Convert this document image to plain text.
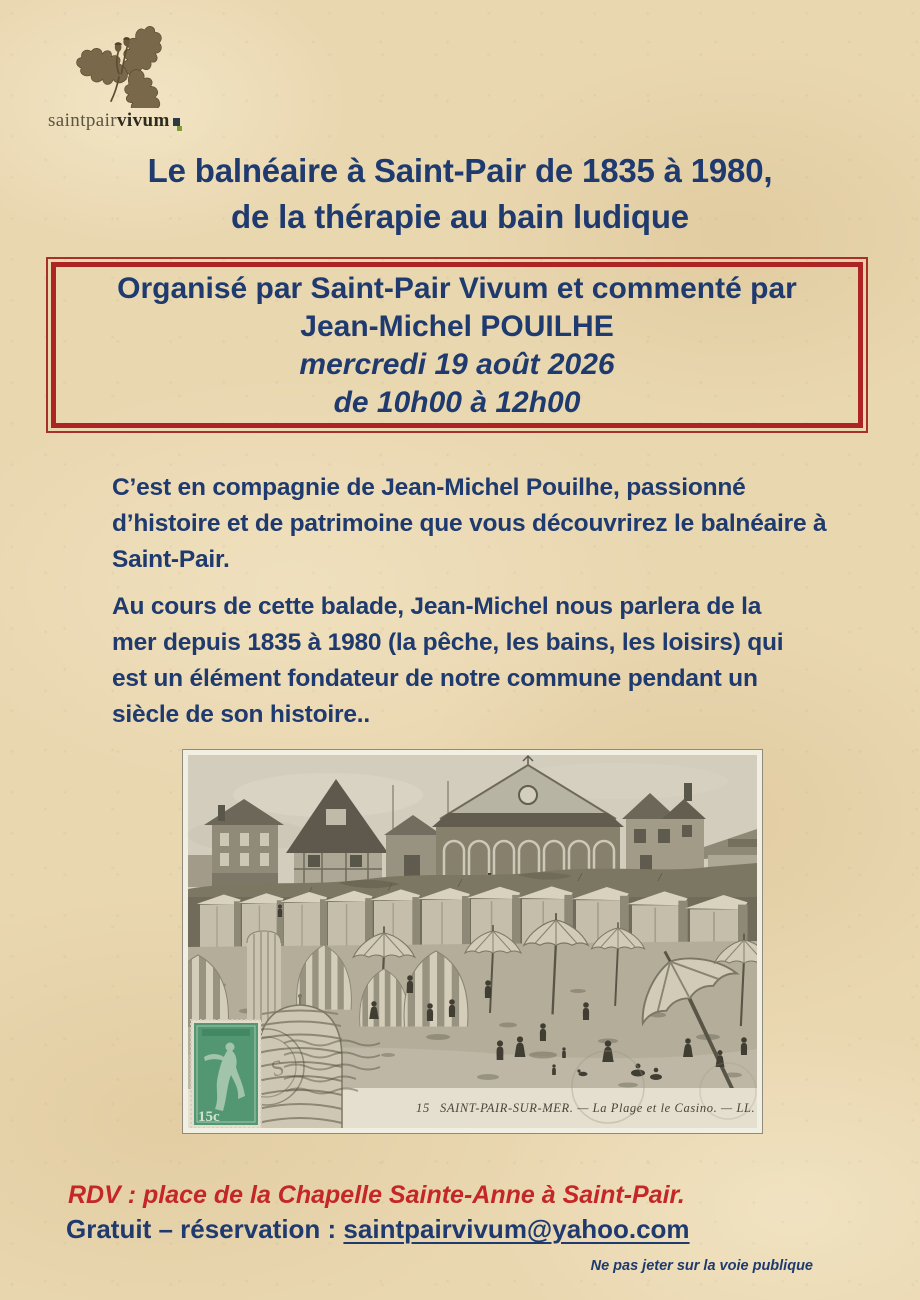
saintpairvivum
Le balnéaire à Saint-Pair de 1835 à 1980,
de la thérapie au bain ludique
Organisé par Saint-Pair Vivum et commenté par
Jean-Michel POUILHE
mercredi 19 août 2026
de 10h00 à 12h00
C’est en compagnie de Jean-Michel Pouilhe, passionné
d’histoire et de patrimoine que vous découvrirez le balnéaire à
Saint-Pair.
Au cours de cette balade, Jean-Michel nous parlera de la
mer depuis 1835 à 1980 (la pêche, les bains, les loisirs) qui
est un élément fondateur de notre commune pendant un
siècle de son histoire..
S
15 SAINT-PAIR-SUR-MER. — La Plage et le Casino. — LL.
15c
RDV : place de la Chapelle Sainte-Anne à Saint-Pair.
Gratuit – réservation : saintpairvivum@yahoo.com
Ne pas jeter sur la voie publique
